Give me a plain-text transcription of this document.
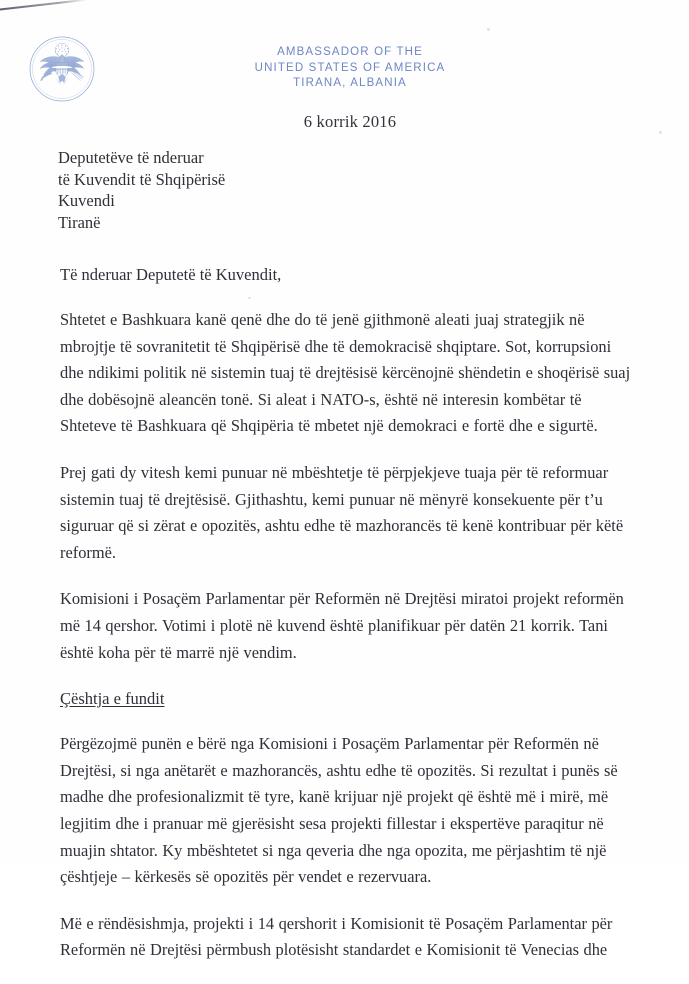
AMBASSADOR OF THE
UNITED STATES OF AMERICA
TIRANA, ALBANIA
6 korrik 2016
Deputetëve të nderuar
të Kuvendit të Shqipërisë
Kuvendi
Tiranë
Të nderuar Deputetë të Kuvendit,

Shtetet e Bashkuara kanë qenë dhe do të jenë gjithmonë aleati juaj strategjik në mbrojtje të sovranitetit të Shqipërisë dhe të demokracisë shqiptare. Sot, korrupsioni dhe ndikimi politik në sistemin tuaj të drejtësisë kërcënojnë shëndetin e shoqërisë suaj dhe dobësojnë aleancën tonë. Si aleat i NATO-s, është në interesin kombëtar të Shteteve të Bashkuara që Shqipëria të mbetet një demokraci e fortë dhe e sigurtë.

Prej gati dy vitesh kemi punuar në mbështetje të përpjekjeve tuaja për të reformuar sistemin tuaj të drejtësisë. Gjithashtu, kemi punuar në mënyrë konsekuente për t’u siguruar që si zërat e opozitës, ashtu edhe të mazhorancës të kenë kontribuar për këtë reformë.

Komisioni i Posaçëm Parlamentar për Reformën në Drejtësi miratoi projekt reformën më 14 qershor. Votimi i plotë në kuvend është planifikuar për datën 21 korrik. Tani është koha për të marrë një vendim.

Çështja e fundit

Përgëzojmë punën e bërë nga Komisioni i Posaçëm Parlamentar për Reformën në Drejtësi, si nga anëtarët e mazhorancës, ashtu edhe të opozitës. Si rezultat i punës së madhe dhe profesionalizmit të tyre, kanë krijuar një projekt që është më i mirë, më legjitim dhe i pranuar më gjerësisht sesa projekti fillestar i ekspertëve paraqitur në muajin shtator. Ky mbështetet si nga qeveria dhe nga opozita, me përjashtim të një çështjeje – kërkesës së opozitës për vendet e rezervuara.

Më e rëndësishmja, projekti i 14 qershorit i Komisionit të Posaçëm Parlamentar për Reformën në Drejtësi përmbush plotësisht standardet e Komisionit të Venecias dhe
